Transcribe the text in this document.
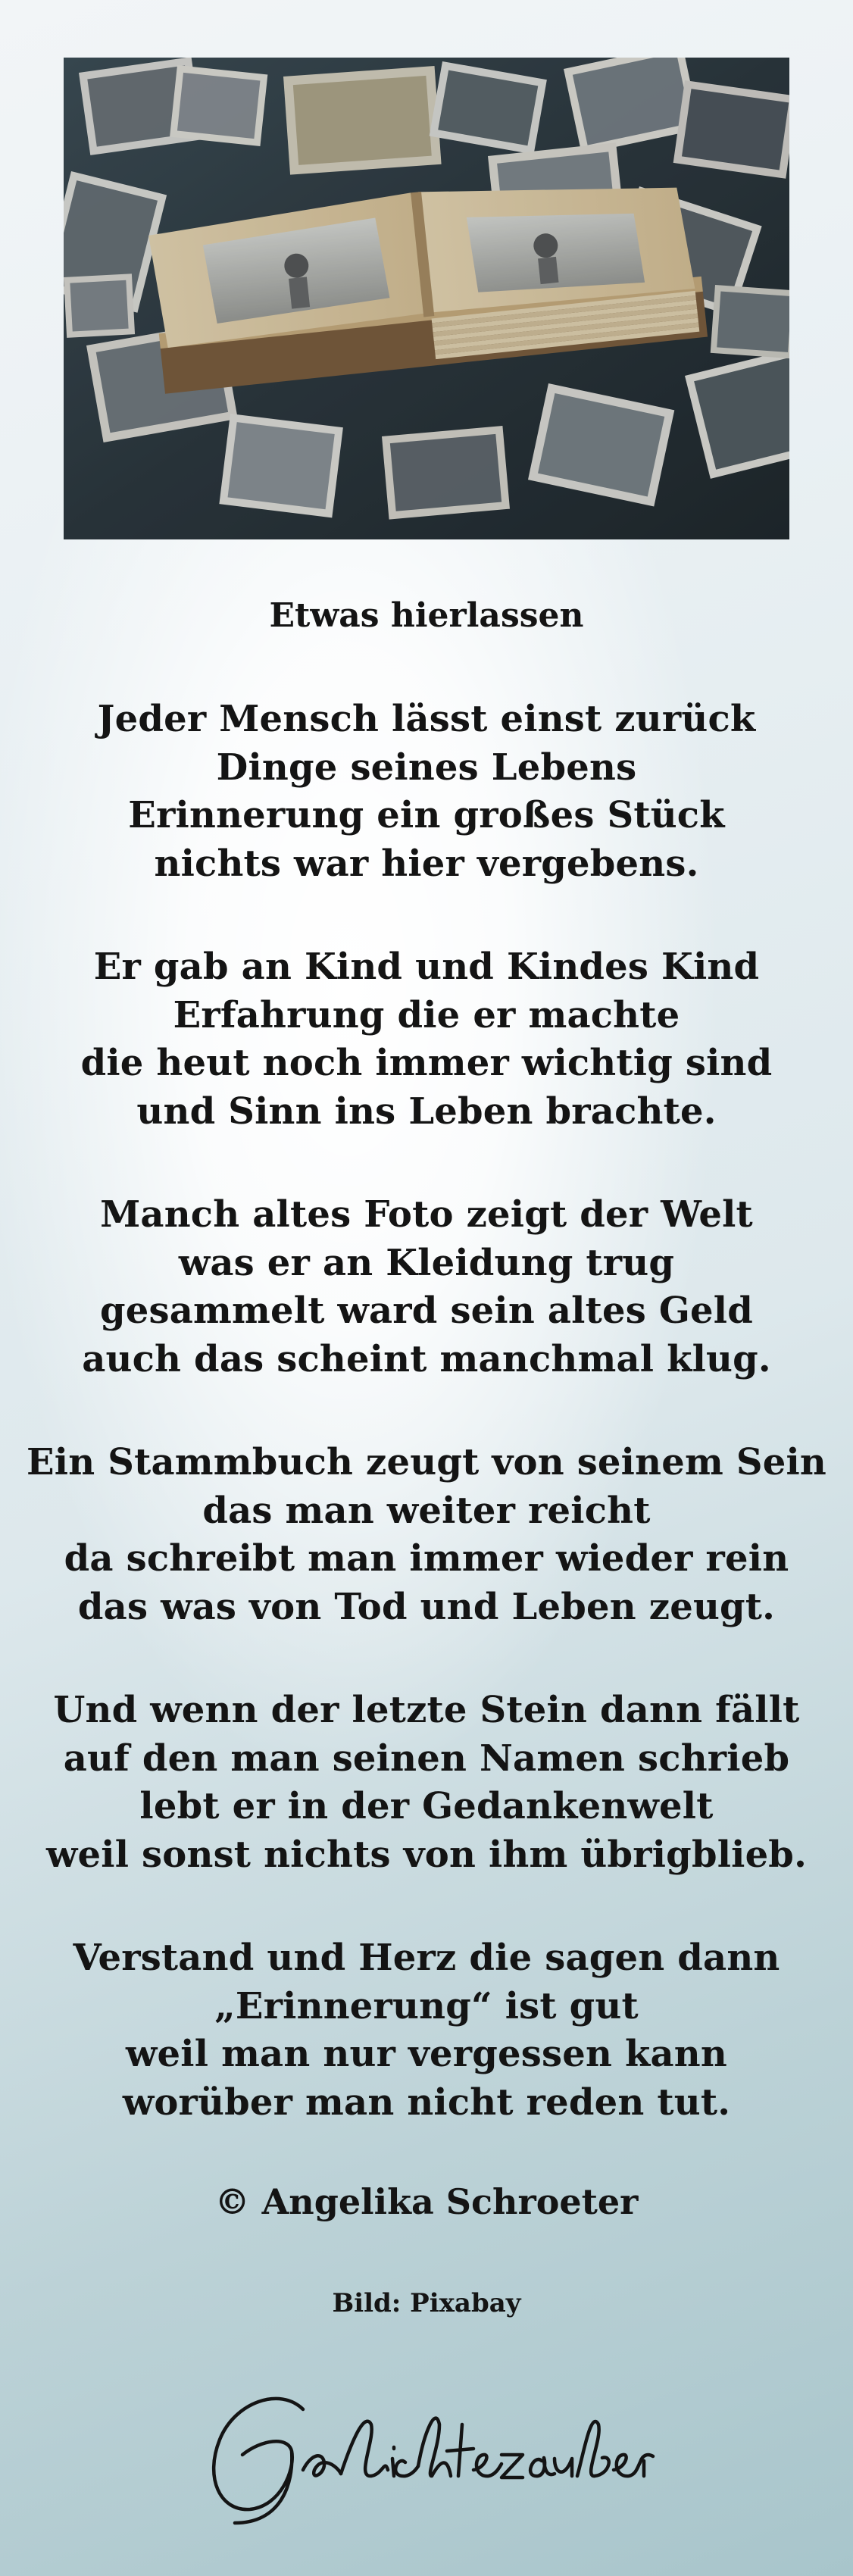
Etwas hierlassen

Jeder Mensch lässt einst zurück
Dinge seines Lebens
Erinnerung ein großes Stück
nichts war hier vergebens.

Er gab an Kind und Kindes Kind
Erfahrung die er machte
die heut noch immer wichtig sind
und Sinn ins Leben brachte.

Manch altes Foto zeigt der Welt
was er an Kleidung trug
gesammelt ward sein altes Geld
auch das scheint manchmal klug.

Ein Stammbuch zeugt von seinem Sein
das man weiter reicht
da schreibt man immer wieder rein
das was von Tod und Leben zeugt.

Und wenn der letzte Stein dann fällt
auf den man seinen Namen schrieb
lebt er in der Gedankenwelt
weil sonst nichts von ihm übrigblieb.

Verstand und Herz die sagen dann
„Erinnerung“ ist gut
weil man nur vergessen kann
worüber man nicht reden tut.

© Angelika Schroeter
Bild: Pixabay
